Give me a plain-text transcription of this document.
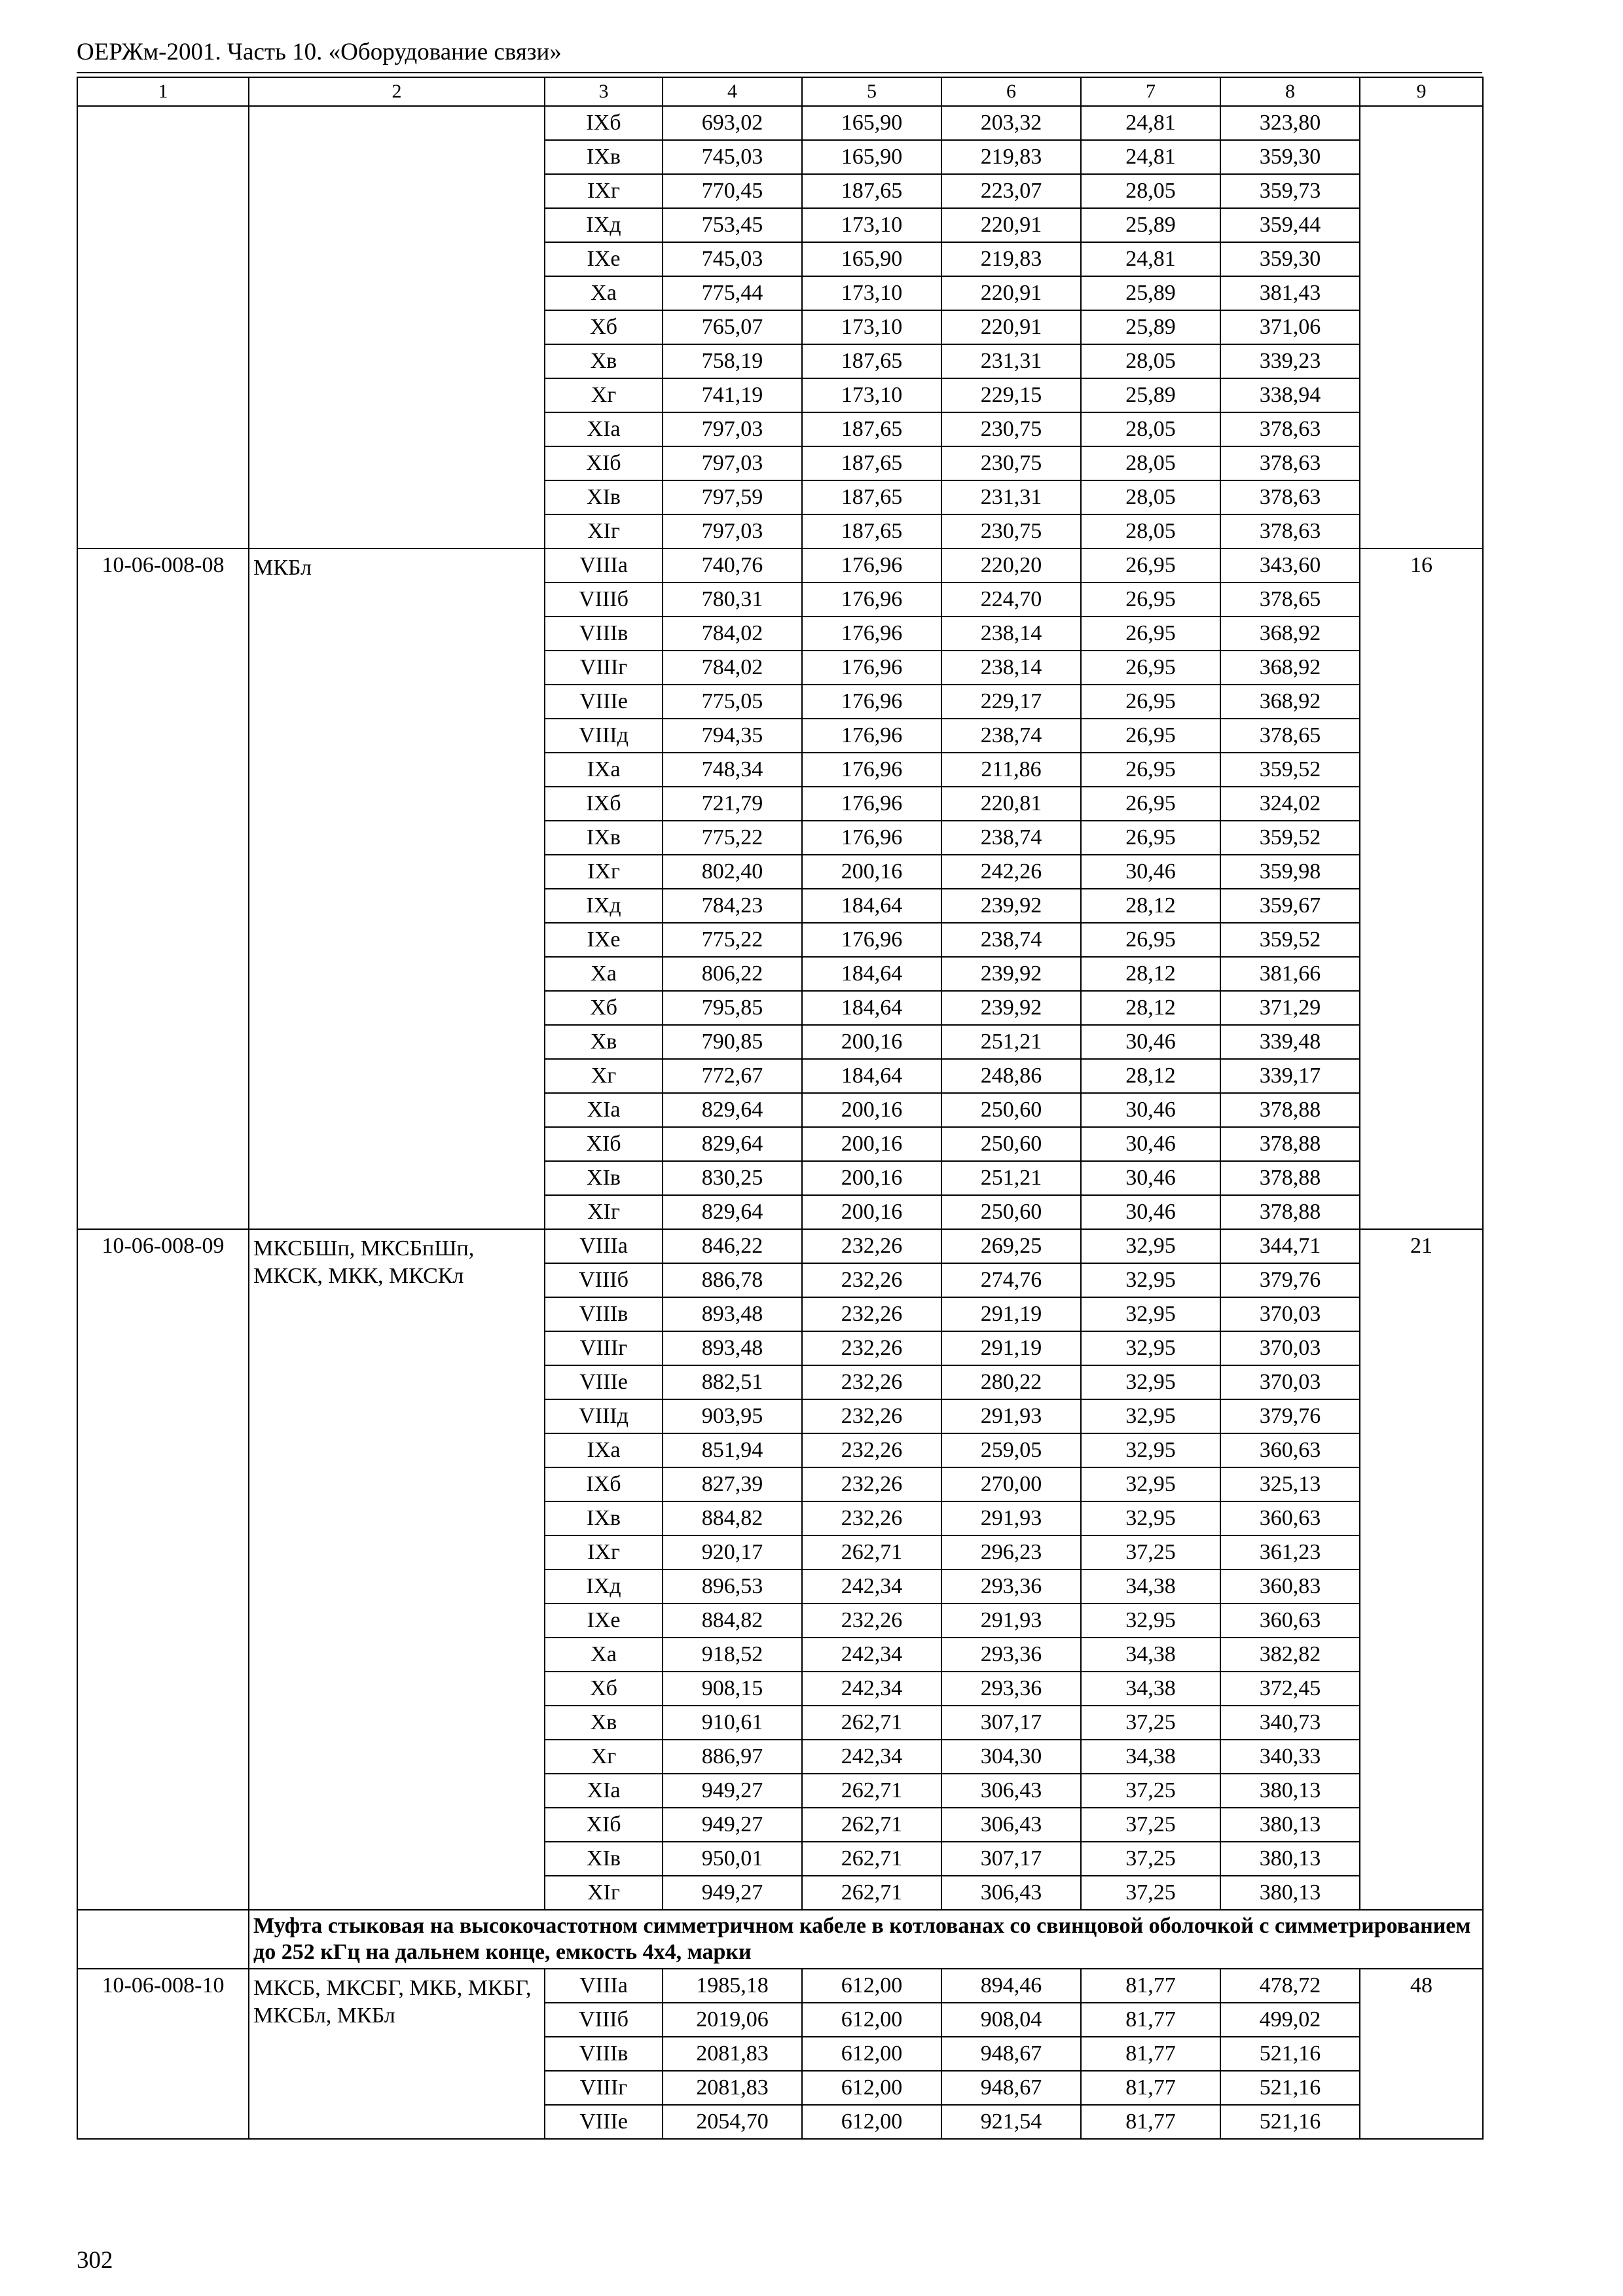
ОЕРЖм-2001. Часть 10. «Оборудование связи»
1	2	3	4	5	6	7	8	9
		IXб	693,02	165,90	203,32	24,81	323,80	
		IXв	745,03	165,90	219,83	24,81	359,30	
		IXг	770,45	187,65	223,07	28,05	359,73	
		IXд	753,45	173,10	220,91	25,89	359,44	
		IXе	745,03	165,90	219,83	24,81	359,30	
		Xа	775,44	173,10	220,91	25,89	381,43	
		Xб	765,07	173,10	220,91	25,89	371,06	
		Xв	758,19	187,65	231,31	28,05	339,23	
		Xг	741,19	173,10	229,15	25,89	338,94	
		XIа	797,03	187,65	230,75	28,05	378,63	
		XIб	797,03	187,65	230,75	28,05	378,63	
		XIв	797,59	187,65	231,31	28,05	378,63	
		XIг	797,03	187,65	230,75	28,05	378,63	
10-06-008-08	МКБл	VIIIа	740,76	176,96	220,20	26,95	343,60	16
		VIIIб	780,31	176,96	224,70	26,95	378,65	
		VIIIв	784,02	176,96	238,14	26,95	368,92	
		VIIIг	784,02	176,96	238,14	26,95	368,92	
		VIIIе	775,05	176,96	229,17	26,95	368,92	
		VIIIд	794,35	176,96	238,74	26,95	378,65	
		IXа	748,34	176,96	211,86	26,95	359,52	
		IXб	721,79	176,96	220,81	26,95	324,02	
		IXв	775,22	176,96	238,74	26,95	359,52	
		IXг	802,40	200,16	242,26	30,46	359,98	
		IXд	784,23	184,64	239,92	28,12	359,67	
		IXе	775,22	176,96	238,74	26,95	359,52	
		Xа	806,22	184,64	239,92	28,12	381,66	
		Xб	795,85	184,64	239,92	28,12	371,29	
		Xв	790,85	200,16	251,21	30,46	339,48	
		Xг	772,67	184,64	248,86	28,12	339,17	
		XIа	829,64	200,16	250,60	30,46	378,88	
		XIб	829,64	200,16	250,60	30,46	378,88	
		XIв	830,25	200,16	251,21	30,46	378,88	
		XIг	829,64	200,16	250,60	30,46	378,88	
10-06-008-09	МКСБШп, МКСБпШп, МКСК, МКК, МКСКл	VIIIа	846,22	232,26	269,25	32,95	344,71	21
		VIIIб	886,78	232,26	274,76	32,95	379,76	
		VIIIв	893,48	232,26	291,19	32,95	370,03	
		VIIIг	893,48	232,26	291,19	32,95	370,03	
		VIIIе	882,51	232,26	280,22	32,95	370,03	
		VIIIд	903,95	232,26	291,93	32,95	379,76	
		IXа	851,94	232,26	259,05	32,95	360,63	
		IXб	827,39	232,26	270,00	32,95	325,13	
		IXв	884,82	232,26	291,93	32,95	360,63	
		IXг	920,17	262,71	296,23	37,25	361,23	
		IXд	896,53	242,34	293,36	34,38	360,83	
		IXе	884,82	232,26	291,93	32,95	360,63	
		Xа	918,52	242,34	293,36	34,38	382,82	
		Xб	908,15	242,34	293,36	34,38	372,45	
		Xв	910,61	262,71	307,17	37,25	340,73	
		Xг	886,97	242,34	304,30	34,38	340,33	
		XIа	949,27	262,71	306,43	37,25	380,13	
		XIб	949,27	262,71	306,43	37,25	380,13	
		XIв	950,01	262,71	307,17	37,25	380,13	
		XIг	949,27	262,71	306,43	37,25	380,13	
	Муфта стыковая на высокочастотном симметричном кабеле в котлованах со свинцовой оболочкой с симметрированием до 252 кГц на дальнем конце, емкость 4x4, марки							
10-06-008-10	МКСБ, МКСБГ, МКБ, МКБГ, МКСБл, МКБл	VIIIа	1985,18	612,00	894,46	81,77	478,72	48
		VIIIб	2019,06	612,00	908,04	81,77	499,02	
		VIIIв	2081,83	612,00	948,67	81,77	521,16	
		VIIIг	2081,83	612,00	948,67	81,77	521,16	
		VIIIе	2054,70	612,00	921,54	81,77	521,16	
302
